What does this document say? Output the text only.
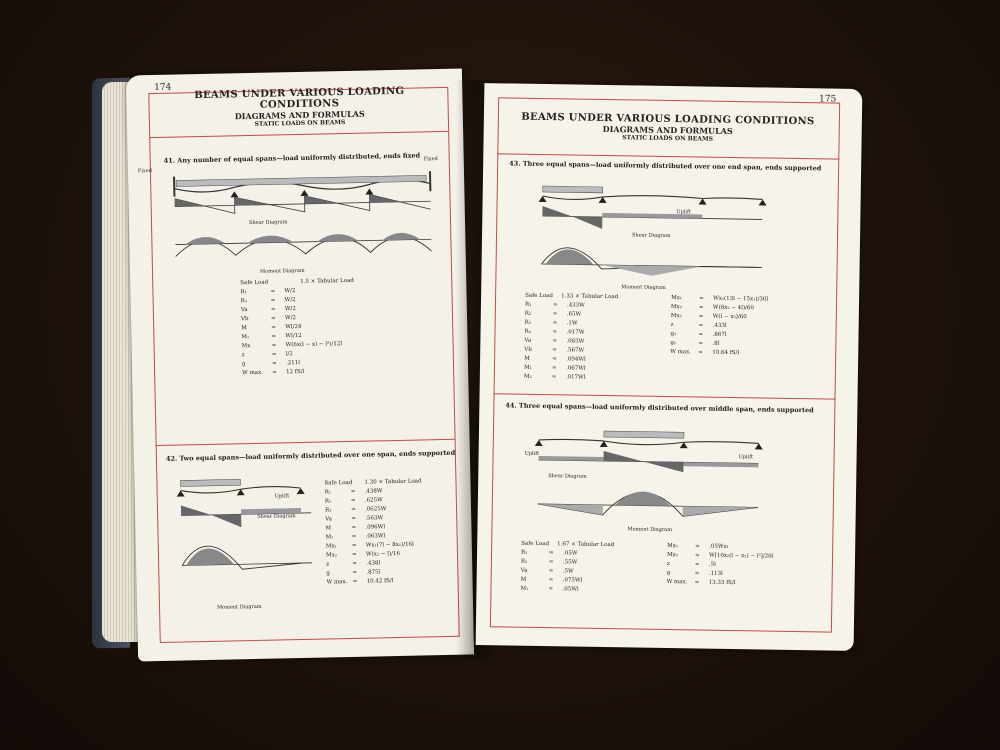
174	BEAMS UNDER VARIOUS LOADING CONDITIONS
DIAGRAMS AND FORMULAS
STATIC LOADS ON BEAMS
41. Any number of equal spans—load uniformly distributed, ends fixed
Fixed
Fixed
Shear Diagram
Moment Diagram
Safe Load	1.5 × Tabular Load
R₁	=	W/2
R₂	=	W/2
Va	=	W/2
Vb	=	W/2
M	=	Wl/24
M₁	=	Wl/12
Mx	=	W(6x(l − x) − l²)/12l
z	=	l/2
g	=	.211l
W max.	=	12 fS/l
42. Two equal spans—load uniformly distributed over one span, ends supported
Uplift
Shear Diagram
Moment Diagram
Safe Load	1.30 × Tabular Load
R₁	=	.438W
R₂	=	.625W
R₃	=	.0625W
Va	=	.563W
M	=	.096Wl
M₁	=	.063Wl
Mx₁	=	Wx₁(7l − 8x₁)/16l
Mx₂	=	W(x₂ − l)/16
z	=	.438l
g	=	.875l
W max. =	10.42 fS/l
175
BEAMS UNDER VARIOUS LOADING CONDITIONS
DIAGRAMS AND FORMULAS
STATIC LOADS ON BEAMS
43. Three equal spans—load uniformly distributed over one end span, ends supported
Uplift
Shear Diagram
Moment Diagram
Safe Load	1.33 × Tabular Load
R₁	=	.433W
R₂	=	.65W
R₃	=	.1W
R₄	=	.017W
Va	=	.083W
Vb	=	.567W
M	=	.094Wl
M₁	=	.067Wl
M₂	=	.017Wl
Mx₁	=	Wx₁(13l − 15x₁)/30l
Mx₂	=	W(8x₂ − 4l)/60
Mx₃	=	W(l − x₃)/60
z	=	.433l
g₁	=	.867l
g₂	=	.8l
W max.	=	10.64 fS/l
44. Three equal spans—load uniformly distributed over middle span, ends supported
Uplift
Uplift
Shear Diagram
Moment Diagram
Safe Load	1.67 × Tabular Load
R₁	=	.05W
R₂	=	.55W
Va	=	.5W
M	=	.075Wl
M₁	=	.05Wl
Mx₁	=	.05Wx₁
Mx₂	=	W[10x₂(l − x₂) − l²]/20l
z	=	.5l
g	=	.113l
W max.	=	13.33 fS/l
